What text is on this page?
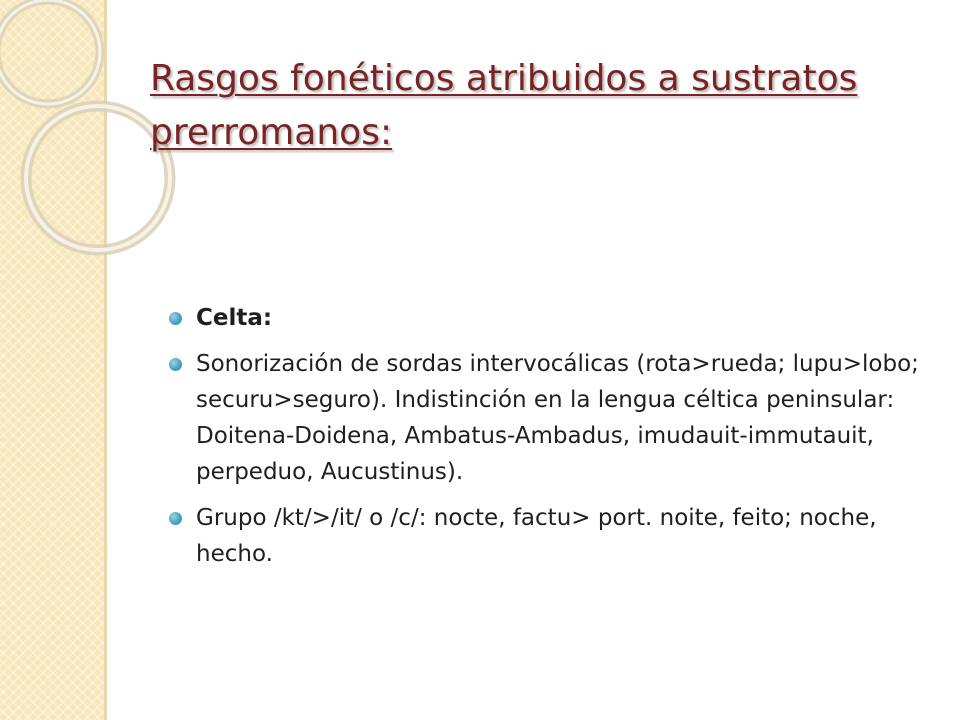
Rasgos fonéticos atribuidos a sustratos prerromanos:
Celta:
Sonorización de sordas intervocálicas (rota>rueda; lupu>lobo; securu>seguro). Indistinción en la lengua céltica peninsular: Doitena-Doidena, Ambatus-Ambadus, imudauit-immutauit, perpeduo, Aucustinus).
Grupo /kt/>/it/ o /c/: nocte, factu> port. noite, feito; noche, hecho.
